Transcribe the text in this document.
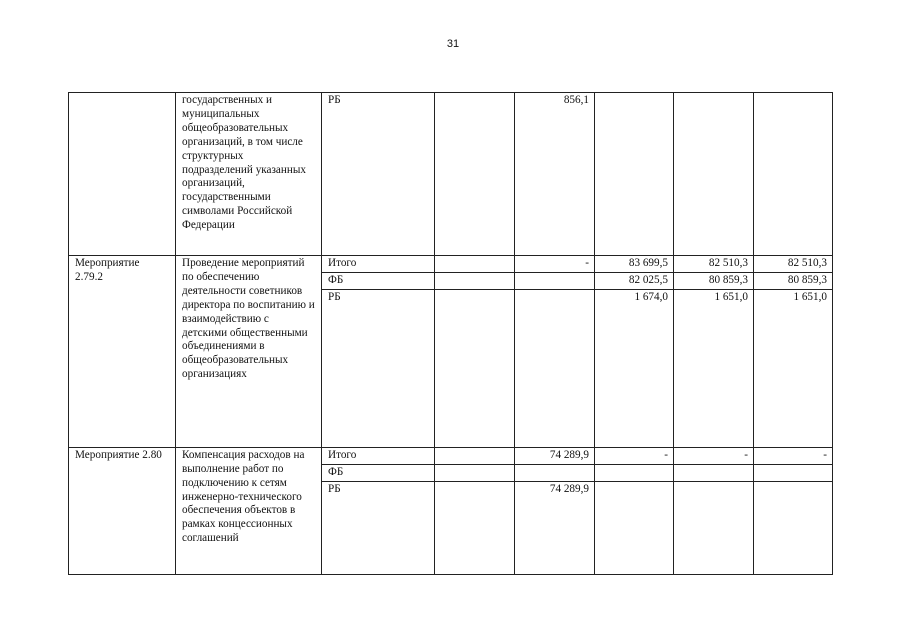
31
	государственных и муниципальных общеобразовательных организаций, в том числе структурных подразделений указанных организаций, государственными символами Российской Федерации	РБ		856,1			
Мероприятие 2.79.2	Проведение мероприятий по обеспечению деятельности советников директора по воспитанию и взаимодействию с детскими общественными объединениями в общеобразовательных организациях	Итого		-	83 699,5	82 510,3	82 510,3
		ФБ			82 025,5	80 859,3	80 859,3
		РБ			1 674,0	1 651,0	1 651,0
Мероприятие 2.80	Компенсация расходов на выполнение работ по подключению к сетям инженерно-технического обеспечения объектов в рамках концессионных соглашений	Итого		74 289,9	-	-	-
		ФБ					
		РБ		74 289,9			
